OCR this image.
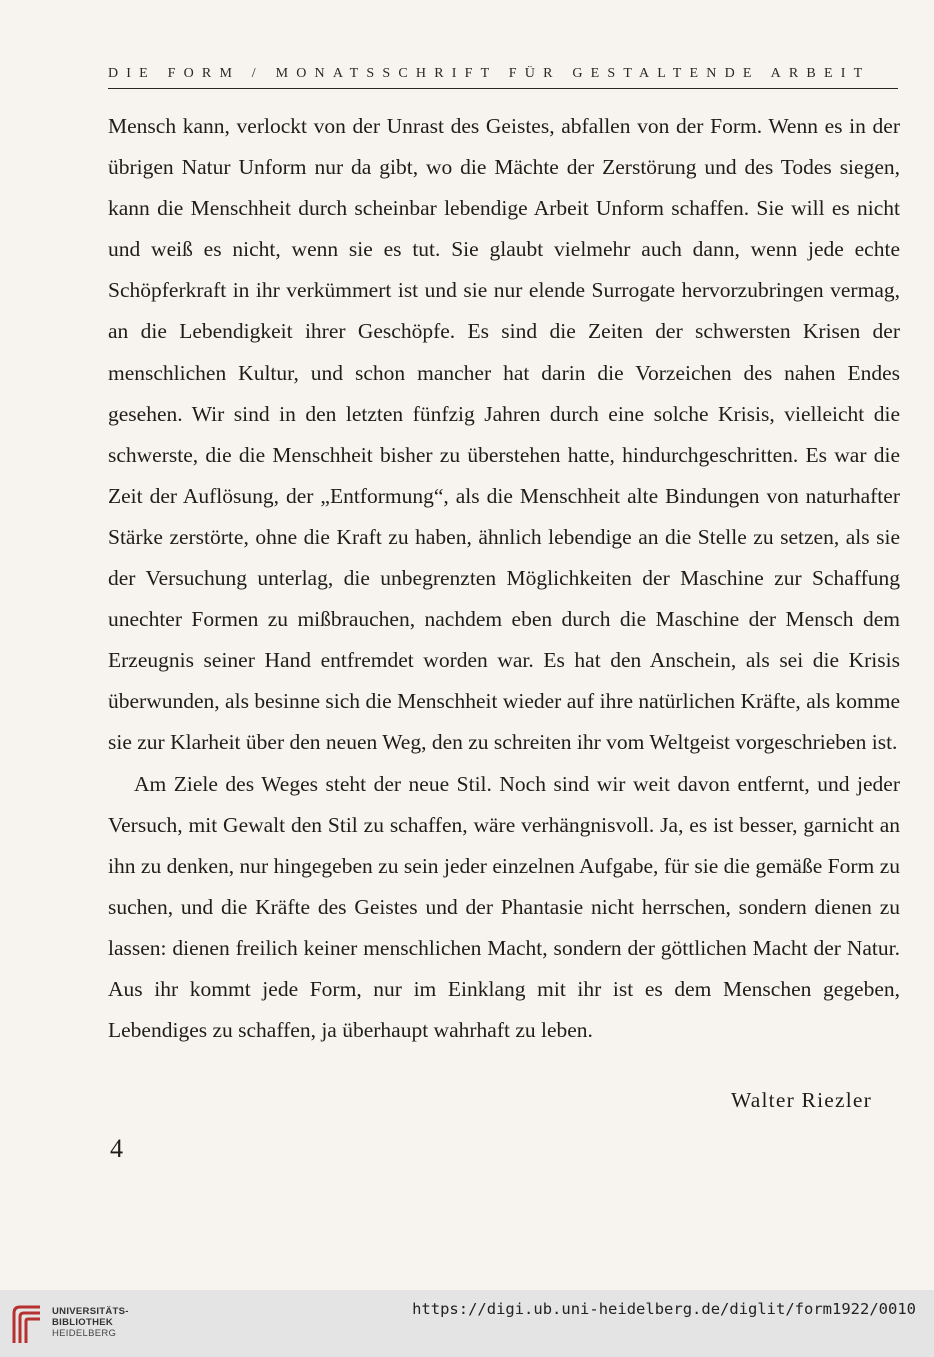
DIE FORM / MONATSSCHRIFT FÜR GESTALTENDE ARBEIT

Mensch kann, verlockt von der Unrast des Geistes, abfallen von der Form. Wenn es in der übrigen Natur Unform nur da gibt, wo die Mächte der Zerstörung und des Todes siegen, kann die Menschheit durch scheinbar lebendige Arbeit Unform schaffen. Sie will es nicht und weiß es nicht, wenn sie es tut. Sie glaubt vielmehr auch dann, wenn jede echte Schöpferkraft in ihr verkümmert ist und sie nur elende Surrogate hervorzubringen vermag, an die Lebendigkeit ihrer Geschöpfe. Es sind die Zeiten der schwersten Krisen der menschlichen Kultur, und schon mancher hat darin die Vorzeichen des nahen Endes gesehen. Wir sind in den letzten fünfzig Jahren durch eine solche Krisis, vielleicht die schwerste, die die Menschheit bisher zu überstehen hatte, hindurchgeschritten. Es war die Zeit der Auflösung, der „Entformung“, als die Menschheit alte Bindungen von naturhafter Stärke zerstörte, ohne die Kraft zu haben, ähnlich lebendige an die Stelle zu setzen, als sie der Versuchung unterlag, die unbegrenzten Möglichkeiten der Maschine zur Schaffung unechter Formen zu mißbrauchen, nachdem eben durch die Maschine der Mensch dem Erzeugnis seiner Hand entfremdet worden war. Es hat den Anschein, als sei die Krisis überwunden, als besinne sich die Menschheit wieder auf ihre natürlichen Kräfte, als komme sie zur Klarheit über den neuen Weg, den zu schreiten ihr vom Weltgeist vorgeschrieben ist.

Am Ziele des Weges steht der neue Stil. Noch sind wir weit davon entfernt, und jeder Versuch, mit Gewalt den Stil zu schaffen, wäre verhängnisvoll. Ja, es ist besser, garnicht an ihn zu denken, nur hingegeben zu sein jeder einzelnen Aufgabe, für sie die gemäße Form zu suchen, und die Kräfte des Geistes und der Phantasie nicht herrschen, sondern dienen zu lassen: dienen freilich keiner menschlichen Macht, sondern der göttlichen Macht der Natur. Aus ihr kommt jede Form, nur im Einklang mit ihr ist es dem Menschen gegeben, Lebendiges zu schaffen, ja überhaupt wahrhaft zu leben.

Walter Riezler
4
UNIVERSITÄTS-
BIBLIOTHEK
HEIDELBERG
https://digi.ub.uni-heidelberg.de/diglit/form1922/0010
